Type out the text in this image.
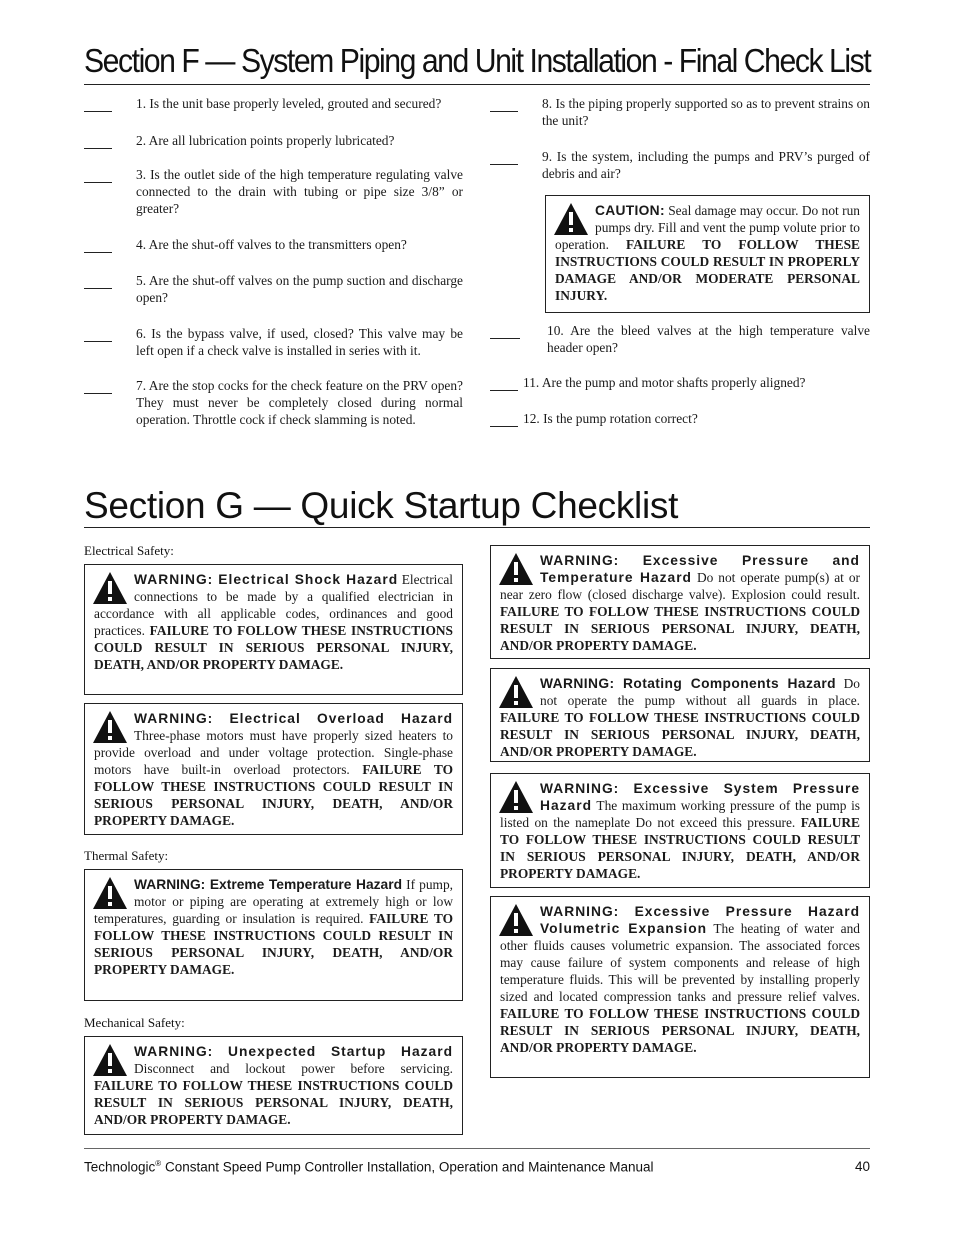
Section F — System Piping and Unit Installation - Final Check List
1. Is the unit base properly leveled, grouted and secured?
2. Are all lubrication points properly lubricated?
3. Is the outlet side of the high temperature regulating valve connected to the drain with tubing or pipe size 3/8” or greater?
4. Are the shut-off valves to the transmitters open?
5. Are the shut-off valves on the pump suction and discharge open?
6. Is the bypass valve, if used, closed? This valve may be left open if a check valve is installed in series with it.
7. Are the stop cocks for the check feature on the PRV open? They must never be completely closed during normal operation. Throttle cock if check slamming is noted.
8. Is the piping properly supported so as to prevent strains on the unit?
9. Is the system, including the pumps and PRV’s purged of debris and air?
CAUTION: Seal damage may occur. Do not run pumps dry. Fill and vent the pump volute prior to operation. FAILURE TO FOLLOW THESE INSTRUCTIONS COULD RESULT IN PROPERLY DAMAGE AND/OR MODERATE PERSONAL INJURY.
10. Are the bleed valves at the high temperature valve header open?
11. Are the pump and motor shafts properly aligned?
12. Is the pump rotation correct?
Section G — Quick Startup Checklist
Electrical Safety:
WARNING: Electrical Shock Hazard Electrical connections to be made by a qualified electrician in accordance with all applicable codes, ordinances and good practices. FAILURE TO FOLLOW THESE INSTRUCTIONS COULD RESULT IN SERIOUS PERSONAL INJURY, DEATH, AND/OR PROPERTY DAMAGE.
WARNING: Electrical Overload Hazard Three-phase motors must have properly sized heaters to provide overload and under voltage protection. Single-phase motors have built-in overload protectors. FAILURE TO FOLLOW THESE INSTRUCTIONS COULD RESULT IN SERIOUS PERSONAL INJURY, DEATH, AND/OR PROPERTY DAMAGE.
Thermal Safety:
WARNING: Extreme Temperature Hazard If pump, motor or piping are operating at extremely high or low temperatures, guarding or insulation is required. FAILURE TO FOLLOW THESE INSTRUCTIONS COULD RESULT IN SERIOUS PERSONAL INJURY, DEATH, AND/OR PROPERTY DAMAGE.
Mechanical Safety:
WARNING: Unexpected Startup Hazard Disconnect and lockout power before servicing. FAILURE TO FOLLOW THESE INSTRUCTIONS COULD RESULT IN SERIOUS PERSONAL INJURY, DEATH, AND/OR PROPERTY DAMAGE.
WARNING: Excessive Pressure and Temperature Hazard Do not operate pump(s) at or near zero flow (closed discharge valve). Explosion could result. FAILURE TO FOLLOW THESE INSTRUCTIONS COULD RESULT IN SERIOUS PERSONAL INJURY, DEATH, AND/OR PROPERTY DAMAGE.
WARNING: Rotating Components Hazard Do not operate the pump without all guards in place. FAILURE TO FOLLOW THESE INSTRUCTIONS COULD RESULT IN SERIOUS PERSONAL INJURY, DEATH, AND/OR PROPERTY DAMAGE.
WARNING: Excessive System Pressure Hazard The maximum working pressure of the pump is listed on the nameplate Do not exceed this pressure. FAILURE TO FOLLOW THESE INSTRUCTIONS COULD RESULT IN SERIOUS PERSONAL INJURY, DEATH, AND/OR PROPERTY DAMAGE.
WARNING: Excessive Pressure Hazard Volumetric Expansion The heating of water and other fluids causes volumetric expansion. The associated forces may cause failure of system components and release of high temperature fluids. This will be prevented by installing properly sized and located compression tanks and pressure relief valves. FAILURE TO FOLLOW THESE INSTRUCTIONS COULD RESULT IN SERIOUS PERSONAL INJURY, DEATH, AND/OR PROPERTY DAMAGE.
Technologic® Constant Speed Pump Controller Installation, Operation and Maintenance Manual	40
